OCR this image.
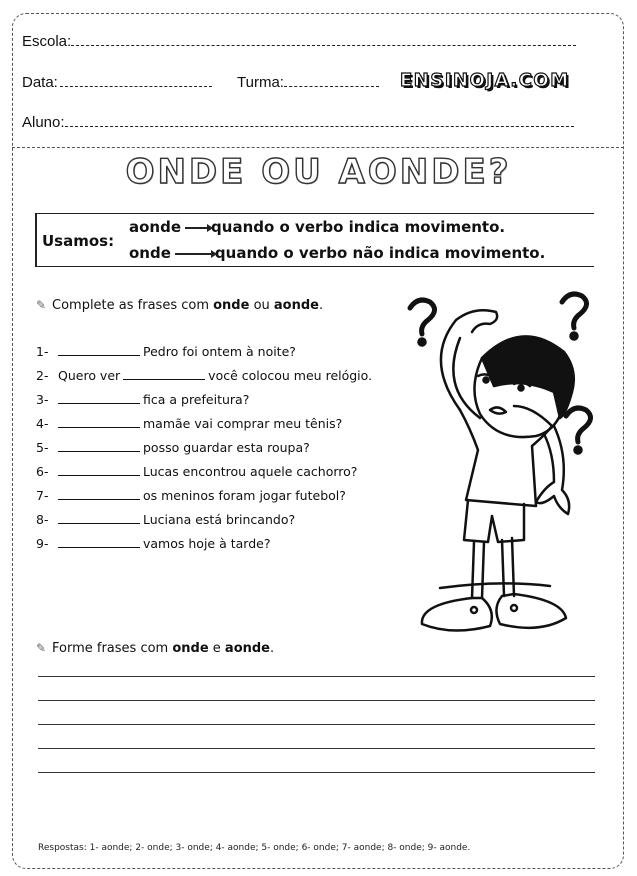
Escola:
Data:	Turma:	ENSINOJA.COM
Aluno:
ONDE OU AONDE?
Usamos:
aonde quando o verbo indica movimento.
onde	quando o verbo não indica movimento.
✎ Complete as frases com onde ou aonde.
1-	Pedro foi ontem à noite?
2- Quero ver	você colocou meu relógio.
3-	fica a prefeitura?
4-	mamãe vai comprar meu tênis?
5-	posso guardar esta roupa?
6-	Lucas encontrou aquele cachorro?
7-	os meninos foram jogar futebol?
8-	Luciana está brincando?
9-	vamos hoje à tarde?
✎ Forme frases com onde e aonde.
Respostas: 1- aonde; 2- onde; 3- onde; 4- aonde; 5- onde; 6- onde; 7- aonde; 8- onde; 9- aonde.
